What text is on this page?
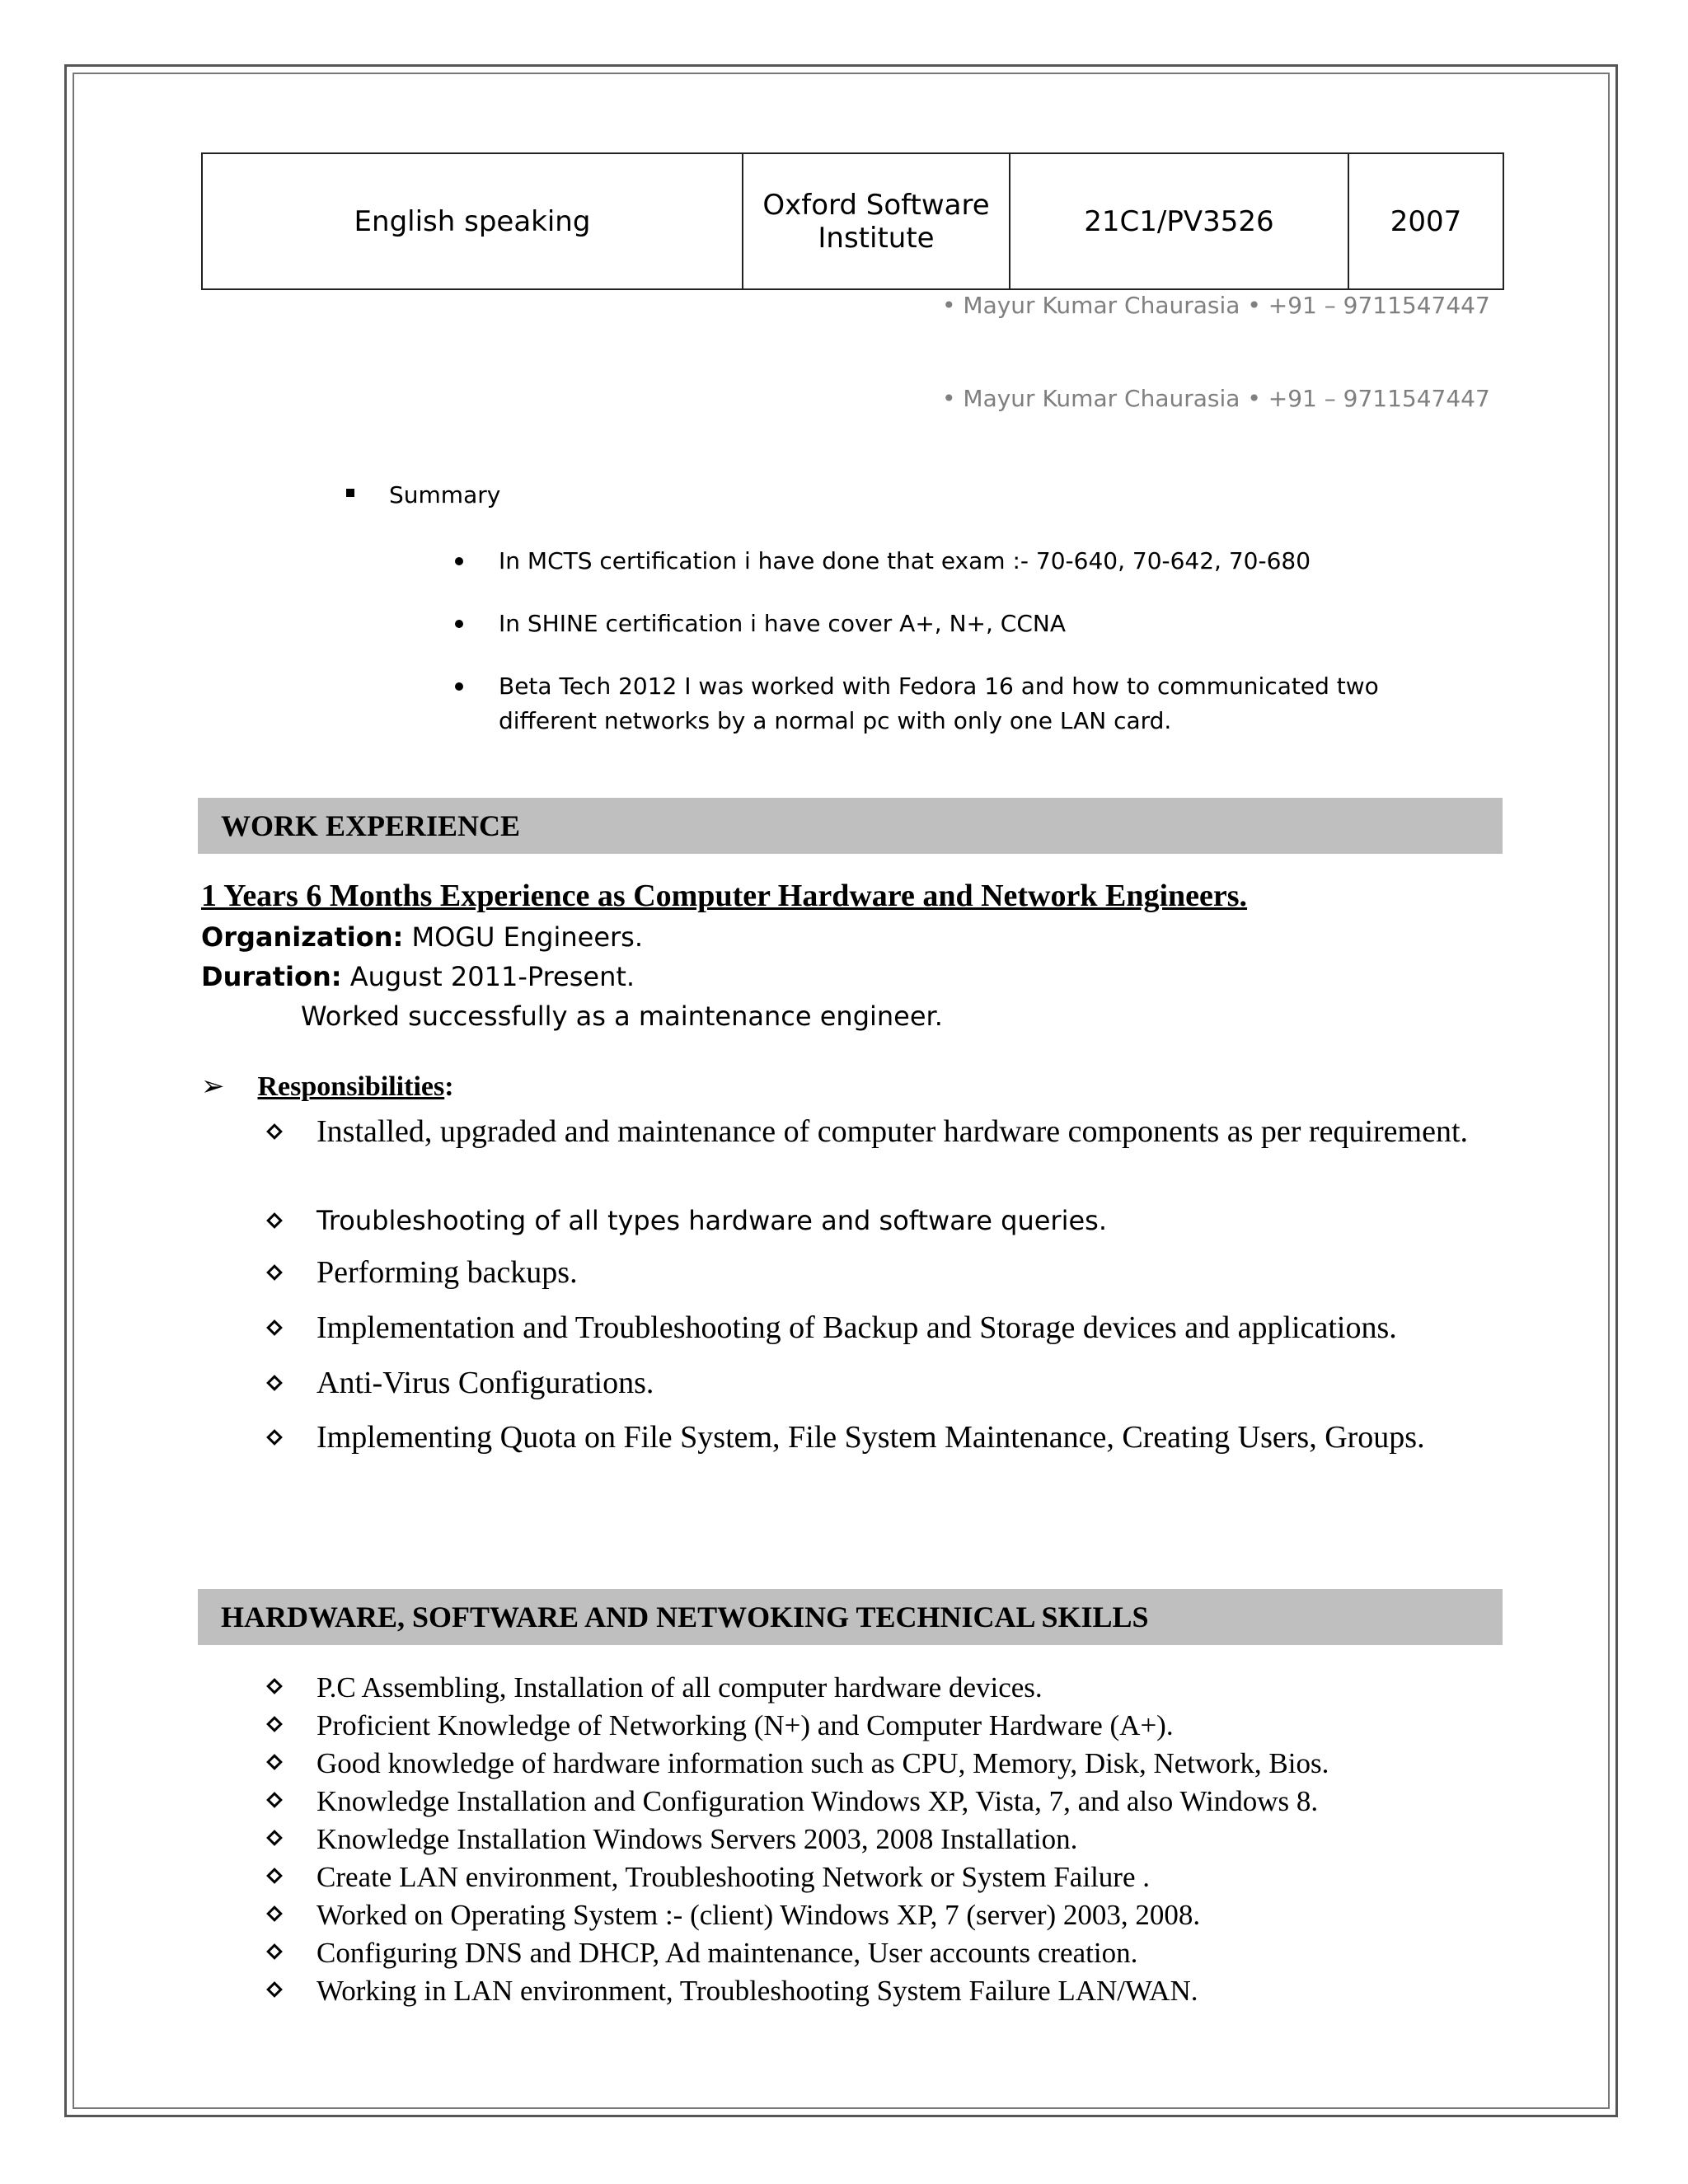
English speaking	Oxford Software Institute	21C1/PV3526	2007
• Mayur Kumar Chaurasia • +91 – 9711547447
• Mayur Kumar Chaurasia • +91 – 9711547447
Summary
In MCTS certification i have done that exam :- 70-640, 70-642, 70-680
In SHINE certification i have cover A+, N+, CCNA
Beta Tech 2012 I was worked with Fedora 16 and how to communicated two different networks by a normal pc with only one LAN card.
WORK EXPERIENCE
1 Years 6 Months Experience as Computer Hardware and Network Engineers.
Organization: MOGU Engineers.
Duration: August 2011-Present.
Worked successfully as a maintenance engineer.
➢ Responsibilities:
Installed, upgraded and maintenance of computer hardware components as per requirement.
Troubleshooting of all types hardware and software queries.
Performing backups.
Implementation and Troubleshooting of Backup and Storage devices and applications.
Anti-Virus Configurations.
Implementing Quota on File System, File System Maintenance, Creating Users, Groups.
HARDWARE, SOFTWARE AND NETWOKING TECHNICAL SKILLS
P.C Assembling, Installation of all computer hardware devices.
Proficient Knowledge of Networking (N+) and Computer Hardware (A+).
Good knowledge of hardware information such as CPU, Memory, Disk, Network, Bios.
Knowledge Installation and Configuration Windows XP, Vista, 7, and also Windows 8.
Knowledge Installation Windows Servers 2003, 2008 Installation.
Create LAN environment, Troubleshooting Network or System Failure .
Worked on Operating System :- (client) Windows XP, 7 (server) 2003, 2008.
Configuring DNS and DHCP, Ad maintenance, User accounts creation.
Working in LAN environment, Troubleshooting System Failure LAN/WAN.
